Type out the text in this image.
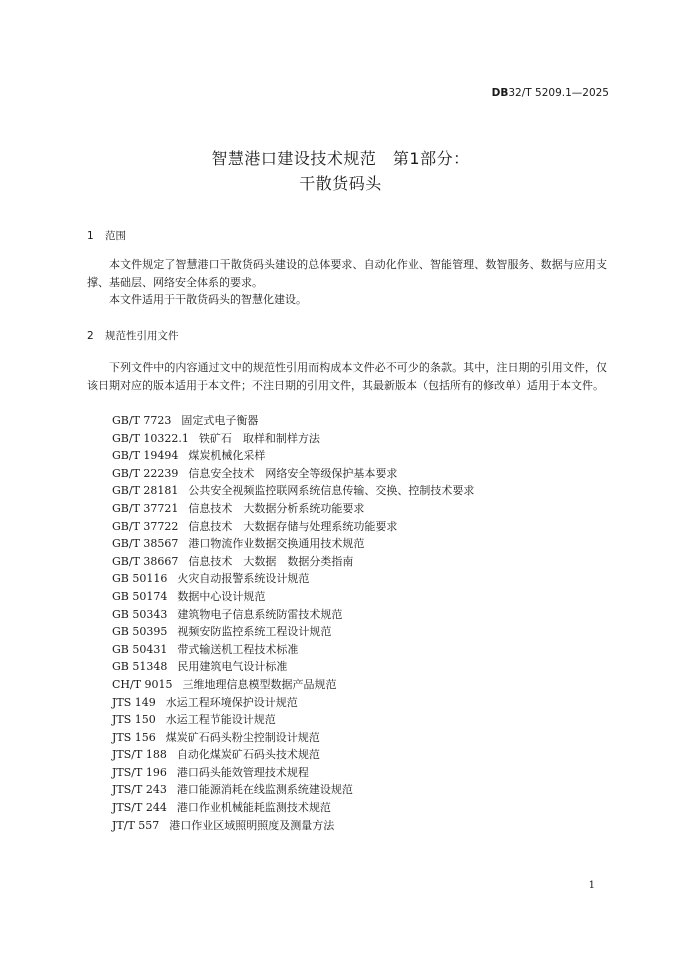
DB32/T 5209.1—2025
智慧港口建设技术规范　第1部分：
干散货码头
1 范围

本文件规定了智慧港口干散货码头建设的总体要求、自动化作业、智能管理、数智服务、数据与应用支撑、基础层、网络安全体系的要求。

本文件适用于干散货码头的智慧化建设。

2 规范性引用文件

下列文件中的内容通过文中的规范性引用而构成本文件必不可少的条款。其中，注日期的引用文件，仅该日期对应的版本适用于本文件；不注日期的引用文件，其最新版本（包括所有的修改单）适用于本文件。

GB/T 7723 固定式电子衡器
GB/T 10322.1 铁矿石　取样和制样方法
GB/T 19494 煤炭机械化采样
GB/T 22239 信息安全技术　网络安全等级保护基本要求
GB/T 28181 公共安全视频监控联网系统信息传输、交换、控制技术要求
GB/T 37721 信息技术　大数据分析系统功能要求
GB/T 37722 信息技术　大数据存储与处理系统功能要求
GB/T 38567 港口物流作业数据交换通用技术规范
GB/T 38667 信息技术　大数据　数据分类指南
GB 50116 火灾自动报警系统设计规范
GB 50174 数据中心设计规范
GB 50343 建筑物电子信息系统防雷技术规范
GB 50395 视频安防监控系统工程设计规范
GB 50431 带式输送机工程技术标准
GB 51348 民用建筑电气设计标准
CH/T 9015 三维地理信息模型数据产品规范
JTS 149 水运工程环境保护设计规范
JTS 150 水运工程节能设计规范
JTS 156 煤炭矿石码头粉尘控制设计规范
JTS/T 188 自动化煤炭矿石码头技术规范
JTS/T 196 港口码头能效管理技术规程
JTS/T 243 港口能源消耗在线监测系统建设规范
JTS/T 244 港口作业机械能耗监测技术规范
JT/T 557 港口作业区域照明照度及测量方法
1
